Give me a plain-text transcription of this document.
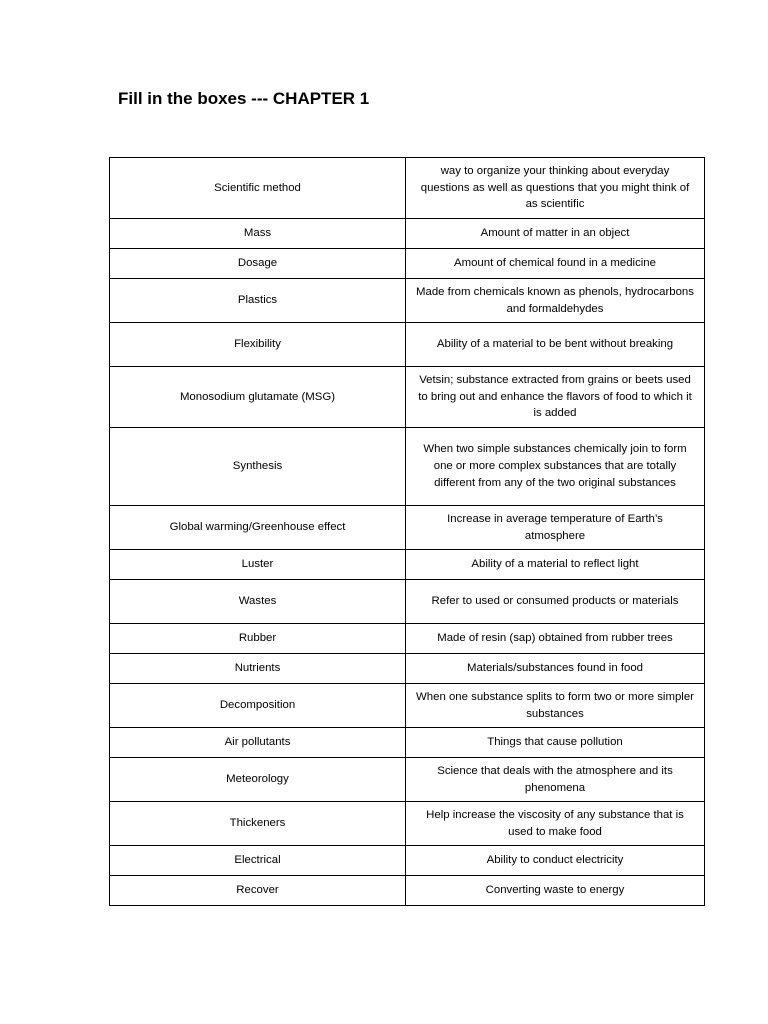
Fill in the boxes --- CHAPTER 1
Scientific method	way to organize your thinking about everyday questions as well as questions that you might think of as scientific
Mass	Amount of matter in an object
Dosage	Amount of chemical found in a medicine
Plastics	Made from chemicals known as phenols, hydrocarbons and formaldehydes
Flexibility	Ability of a material to be bent without breaking
Monosodium glutamate (MSG)	Vetsin; substance extracted from grains or beets used to bring out and enhance the flavors of food to which it is added
Synthesis	When two simple substances chemically join to form one or more complex substances that are totally different from any of the two original substances
Global warming/Greenhouse effect	Increase in average temperature of Earth’s atmosphere
Luster	Ability of a material to reflect light
Wastes	Refer to used or consumed products or materials
Rubber	Made of resin (sap) obtained from rubber trees
Nutrients	Materials/substances found in food
Decomposition	When one substance splits to form two or more simpler substances
Air pollutants	Things that cause pollution
Meteorology	Science that deals with the atmosphere and its phenomena
Thickeners	Help increase the viscosity of any substance that is used to make food
Electrical	Ability to conduct electricity
Recover	Converting waste to energy
